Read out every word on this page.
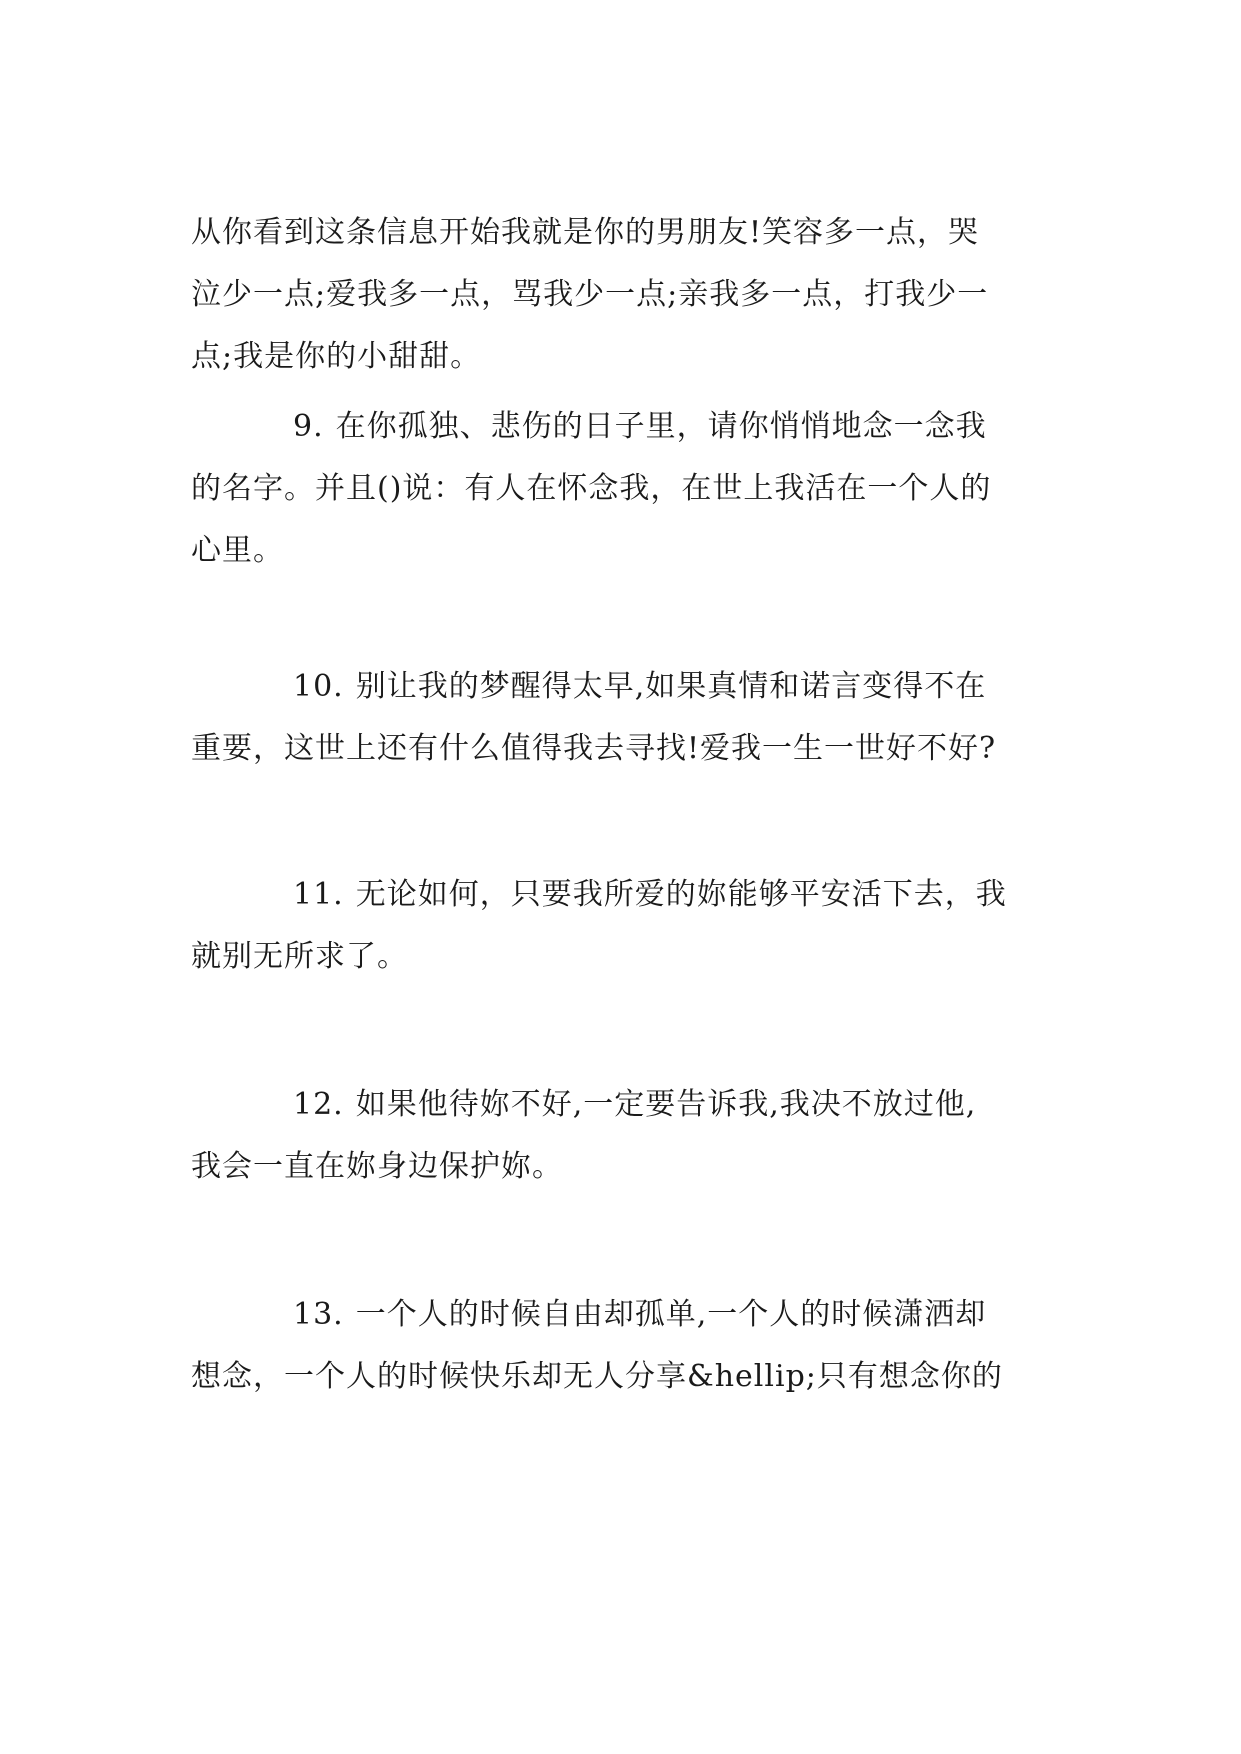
从你看到这条信息开始我就是你的男朋友!笑容多一点，哭
泣少一点;爱我多一点，骂我少一点;亲我多一点，打我少一
点;我是你的小甜甜。

9. 在你孤独、悲伤的日子里，请你悄悄地念一念我
的名字。并且()说：有人在怀念我，在世上我活在一个人的
心里。

10. 别让我的梦醒得太早,如果真情和诺言变得不在
重要，这世上还有什么值得我去寻找!爱我一生一世好不好?

11. 无论如何，只要我所爱的妳能够平安活下去，我
就别无所求了。

12. 如果他待妳不好,一定要告诉我,我决不放过他,
我会一直在妳身边保护妳。

13. 一个人的时候自由却孤单,一个人的时候潇洒却
想念，一个人的时候快乐却无人分享&hellip;只有想念你的
